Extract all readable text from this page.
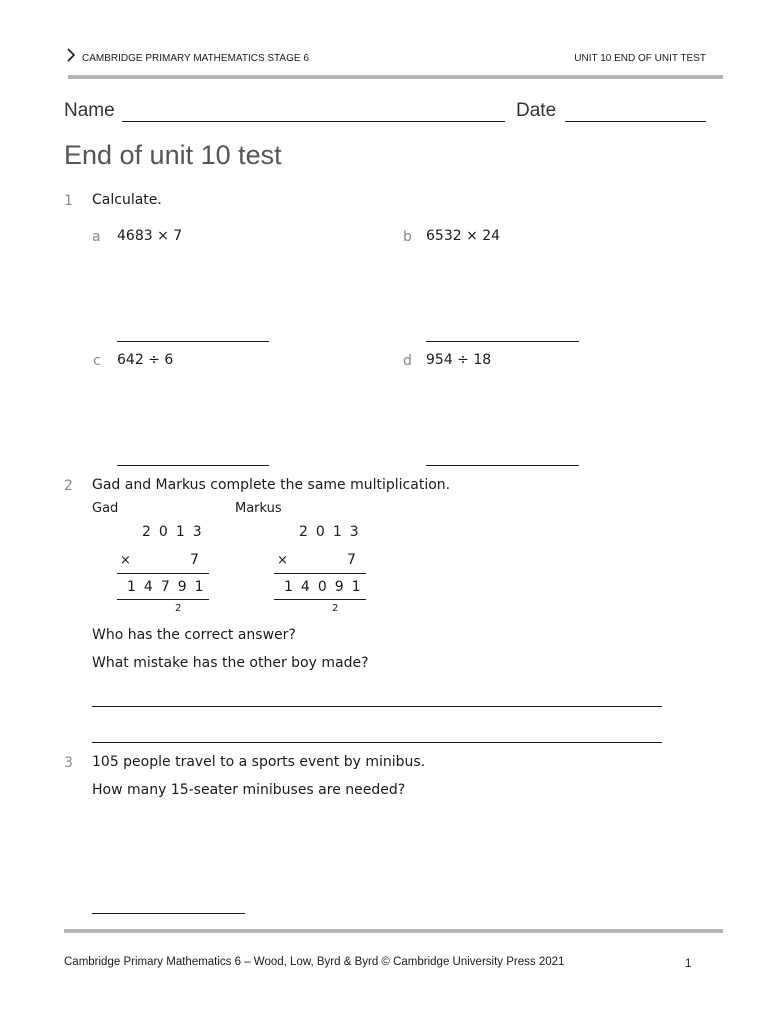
CAMBRIDGE PRIMARY MATHEMATICS STAGE 6	UNIT 10 END OF UNIT TEST
Name	Date
End of unit 10 test
1 Calculate.
a 4683 × 7	b 6532 × 24
c 642 ÷ 6	d 954 ÷ 18
2 Gad and Markus complete the same multiplication.
Gad	Markus
2013
×	7
14791
2
2013
×	7
14091
2
Who has the correct answer?
What mistake has the other boy made?
3 105 people travel to a sports event by minibus.
How many 15-seater minibuses are needed?
Cambridge Primary Mathematics 6 – Wood, Low, Byrd & Byrd © Cambridge University Press 2021	1
